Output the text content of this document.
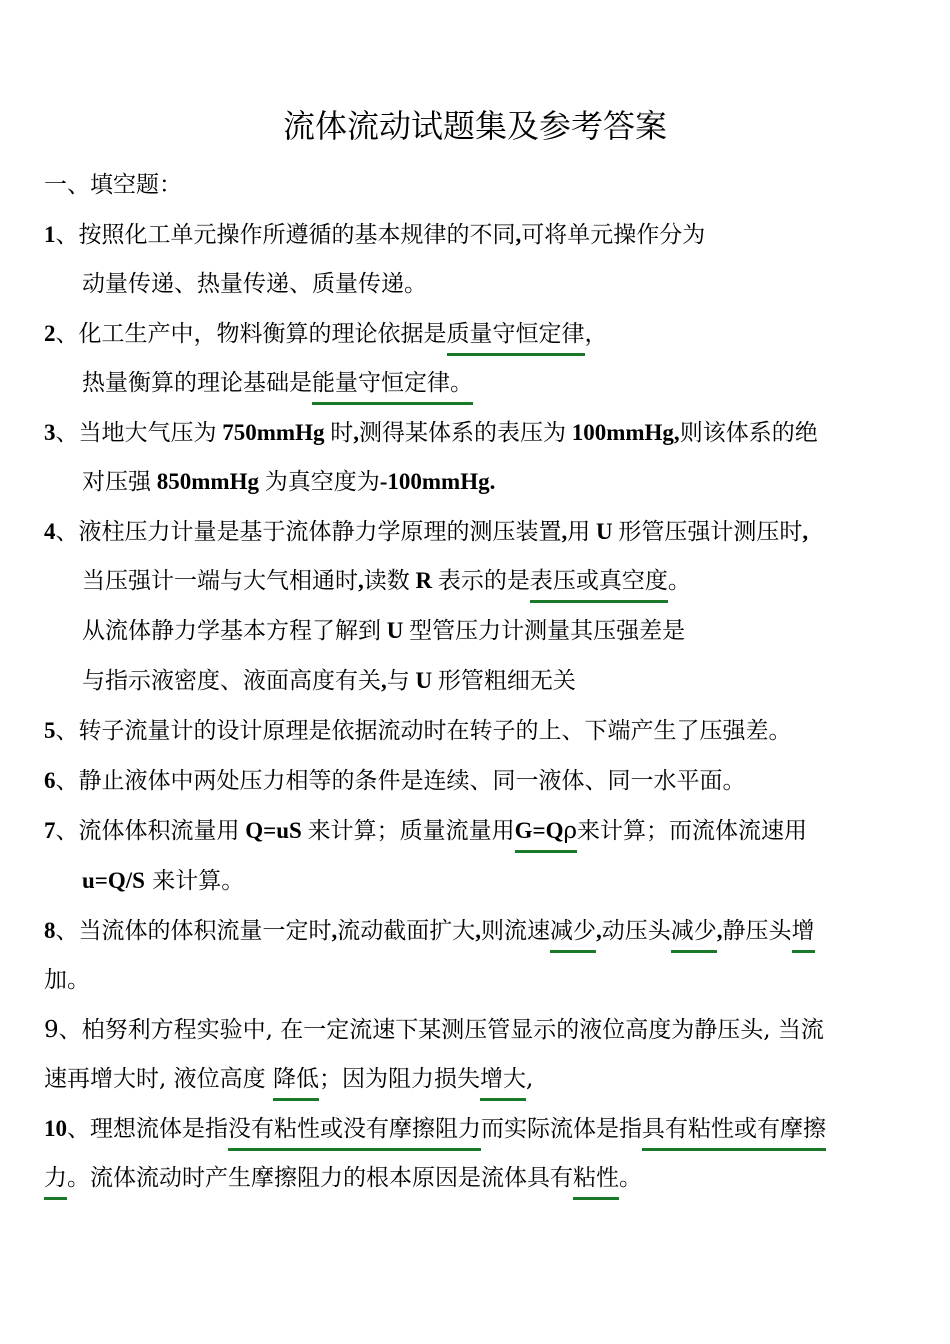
流体流动试题集及参考答案
一、填空题：
1、按照化工单元操作所遵循的基本规律的不同,可将单元操作分为
动量传递、热量传递、质量传递。
2、化工生产中，物料衡算的理论依据是质量守恒定律，
热量衡算的理论基础是能量守恒定律。
3、当地大气压为 750mmHg 时,测得某体系的表压为 100mmHg,则该体系的绝
对压强 850mmHg 为真空度为-100mmHg.
4、液柱压力计量是基于流体静力学原理的测压装置,用 U 形管压强计测压时,
当压强计一端与大气相通时,读数 R 表示的是表压或真空度。
从流体静力学基本方程了解到 U 型管压力计测量其压强差是
与指示液密度、液面高度有关,与 U 形管粗细无关
5、转子流量计的设计原理是依据流动时在转子的上、下端产生了压强差。
6、静止液体中两处压力相等的条件是连续、同一液体、同一水平面。
7、流体体积流量用 Q=uS 来计算；质量流量用G=Qρ来计算；而流体流速用
u=Q/S 来计算。
8、当流体的体积流量一定时,流动截面扩大,则流速减少,动压头减少,静压头增
加。
9、柏努利方程实验中, 在一定流速下某测压管显示的液位高度为静压头, 当流
速再增大时, 液位高度 降低；因为阻力损失增大,
10、理想流体是指没有粘性或没有摩擦阻力而实际流体是指具有粘性或有摩擦
力。流体流动时产生摩擦阻力的根本原因是流体具有粘性。
